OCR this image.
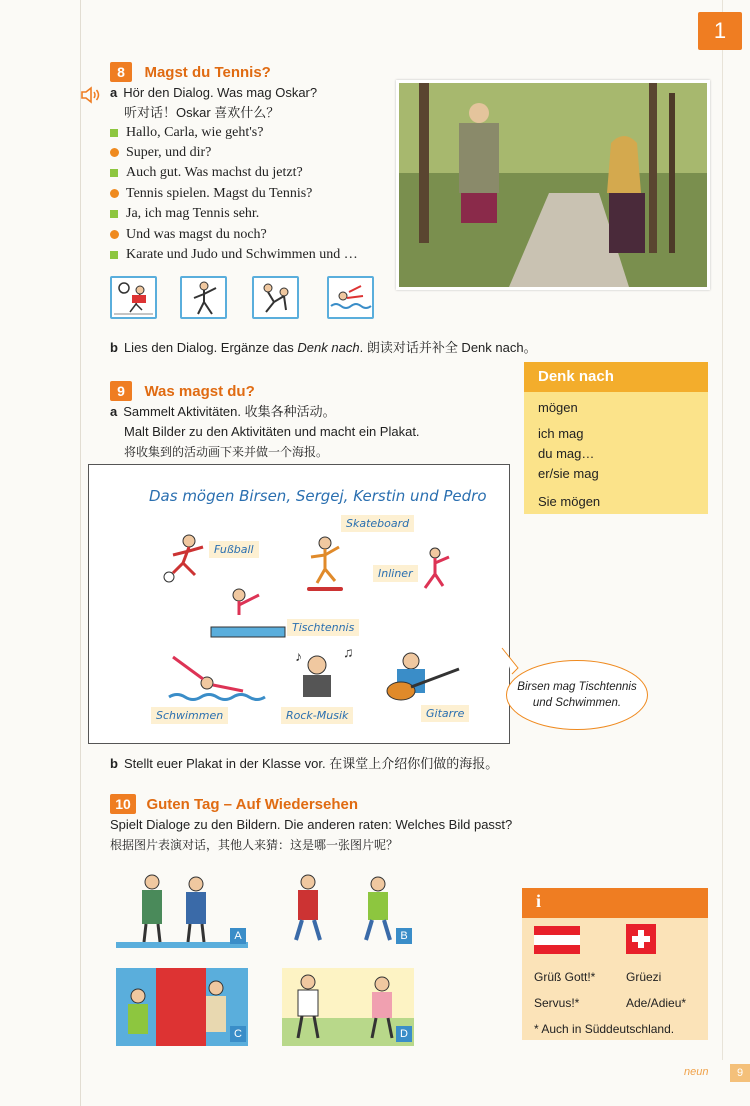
1
8 Magst du Tennis?
a Hör den Dialog. Was mag Oskar?
听对话！Oskar 喜欢什么？
Hallo, Carla, wie geht's?
Super, und dir?
Auch gut. Was machst du jetzt?
Tennis spielen. Magst du Tennis?
Ja, ich mag Tennis sehr.
Und was magst du noch?
Karate und Judo und Schwimmen und …
b Lies den Dialog. Ergänze das Denk nach. 朗读对话并补全 Denk nach。
Denk nach
mögen
ich mag
du mag…
er/sie mag
Sie mögen
9 Was magst du?
a Sammelt Aktivitäten. 收集各种活动。
Malt Bilder zu den Aktivitäten und macht ein Plakat.
将收集到的活动画下来并做一个海报。
Das mögen Birsen, Sergej, Kerstin und Pedro
♪	♫
Skateboard
Fußball
Inliner
Tischtennis
Schwimmen	Rock-Musik	Gitarre
Birsen mag Tischtennis und Schwimmen.
b Stellt euer Plakat in der Klasse vor. 在课堂上介绍你们做的海报。
10 Guten Tag – Auf Wiedersehen
Spielt Dialoge zu den Bildern. Die anderen raten: Welches Bild passt?
根据图片表演对话，其他人来猜：这是哪一张图片呢？
A	B
C	D
i
Grüß Gott!*	Grüezi
Servus!*	Ade/Adieu*
* Auch in Süddeutschland.
neun	9
